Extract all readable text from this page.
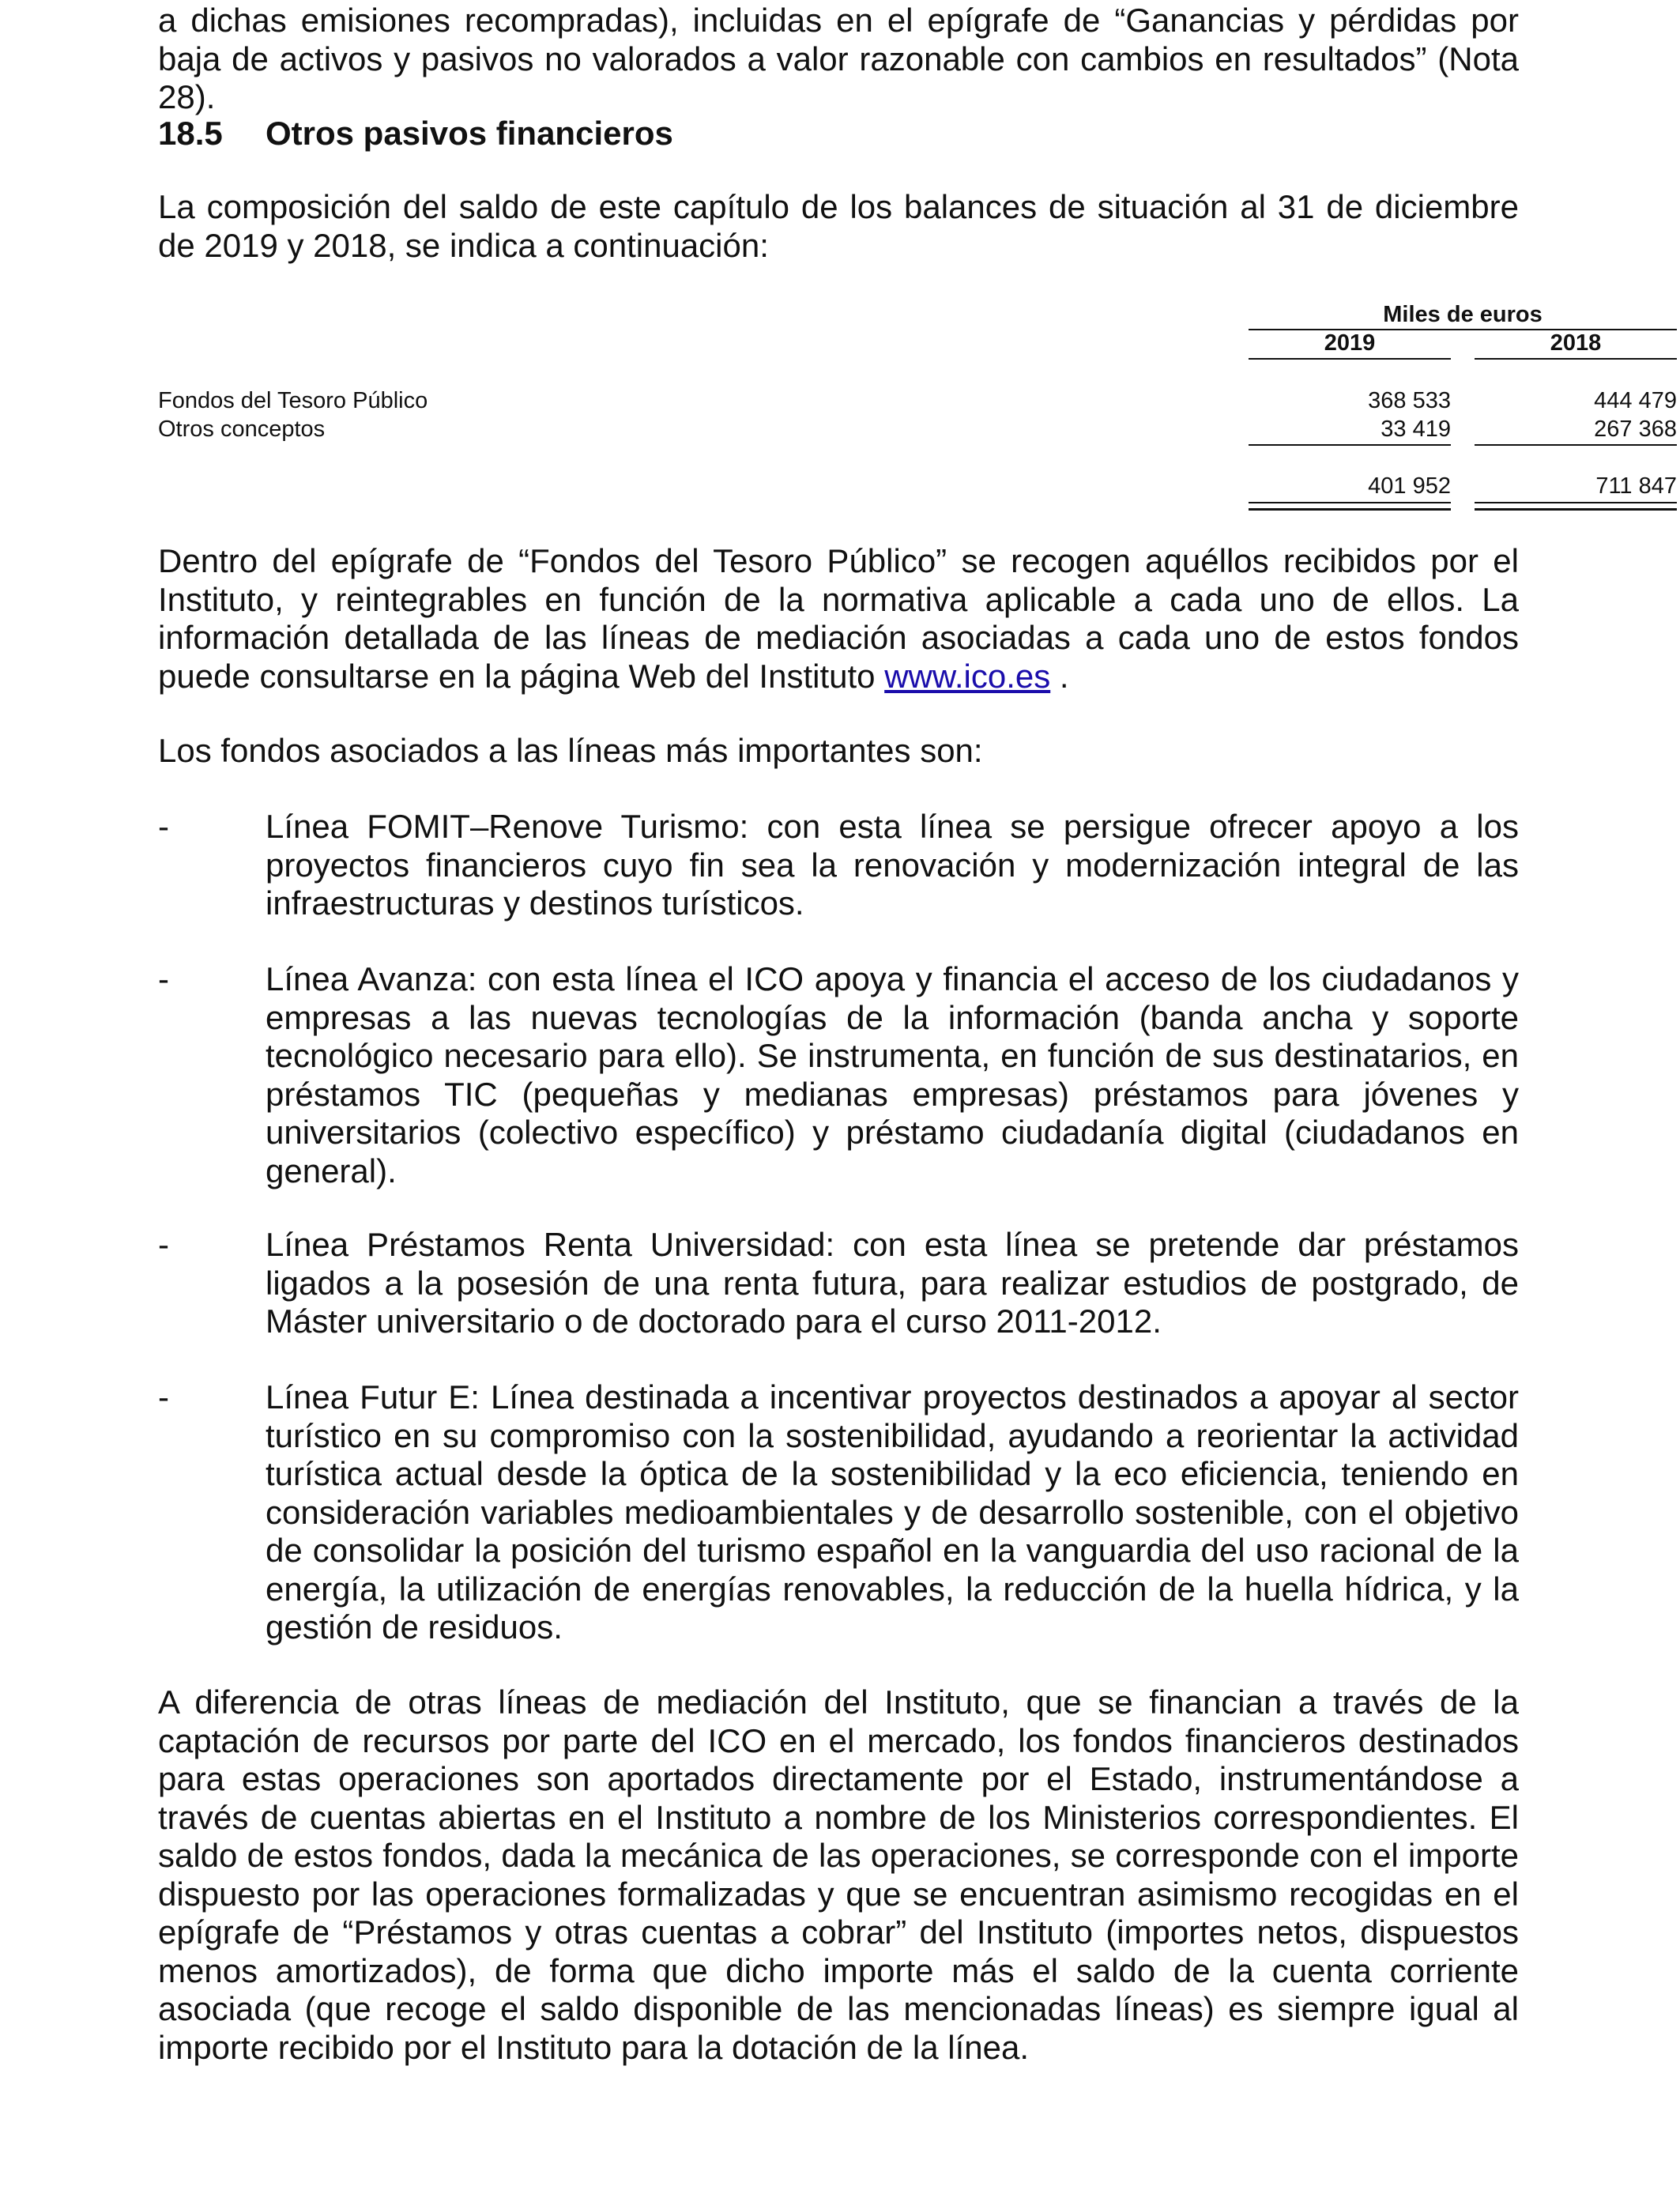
a dichas emisiones recompradas), incluidas en el epígrafe de “Ganancias y pérdidas por baja de activos y pasivos no valorados a valor razonable con cambios en resultados” (Nota 28).

18.5 Otros pasivos financieros

La composición del saldo de este capítulo de los balances de situación al 31 de diciembre de 2019 y 2018, se indica a continuación:

Miles de euros
2019	2018
Fondos del Tesoro Público	368 533	444 479
Otros conceptos	33 419	267 368
401 952	711 847

Dentro del epígrafe de “Fondos del Tesoro Público” se recogen aquéllos recibidos por el Instituto, y reintegrables en función de la normativa aplicable a cada uno de ellos. La información detallada de las líneas de mediación asociadas a cada uno de estos fondos puede consultarse en la página Web del Instituto www.ico.es .

Los fondos asociados a las líneas más importantes son:

-	Línea FOMIT–Renove Turismo: con esta línea se persigue ofrecer apoyo a los proyectos financieros cuyo fin sea la renovación y modernización integral de las infraestructuras y destinos turísticos.

-	Línea Avanza: con esta línea el ICO apoya y financia el acceso de los ciudadanos y empresas a las nuevas tecnologías de la información (banda ancha y soporte tecnológico necesario para ello). Se instrumenta, en función de sus destinatarios, en préstamos TIC (pequeñas y medianas empresas) préstamos para jóvenes y universitarios (colectivo específico) y préstamo ciudadanía digital (ciudadanos en general).

-	Línea Préstamos Renta Universidad: con esta línea se pretende dar préstamos ligados a la posesión de una renta futura, para realizar estudios de postgrado, de Máster universitario o de doctorado para el curso 2011-2012.

-	Línea Futur E: Línea destinada a incentivar proyectos destinados a apoyar al sector turístico en su compromiso con la sostenibilidad, ayudando a reorientar la actividad turística actual desde la óptica de la sostenibilidad y la eco eficiencia, teniendo en consideración variables medioambientales y de desarrollo sostenible, con el objetivo de consolidar la posición del turismo español en la vanguardia del uso racional de la energía, la utilización de energías renovables, la reducción de la huella hídrica, y la gestión de residuos.

A diferencia de otras líneas de mediación del Instituto, que se financian a través de la captación de recursos por parte del ICO en el mercado, los fondos financieros destinados para estas operaciones son aportados directamente por el Estado, instrumentándose a través de cuentas abiertas en el Instituto a nombre de los Ministerios correspondientes. El saldo de estos fondos, dada la mecánica de las operaciones, se corresponde con el importe dispuesto por las operaciones formalizadas y que se encuentran asimismo recogidas en el epígrafe de “Préstamos y otras cuentas a cobrar” del Instituto (importes netos, dispuestos menos amortizados), de forma que dicho importe más el saldo de la cuenta corriente asociada (que recoge el saldo disponible de las mencionadas líneas) es siempre igual al importe recibido por el Instituto para la dotación de la línea.
